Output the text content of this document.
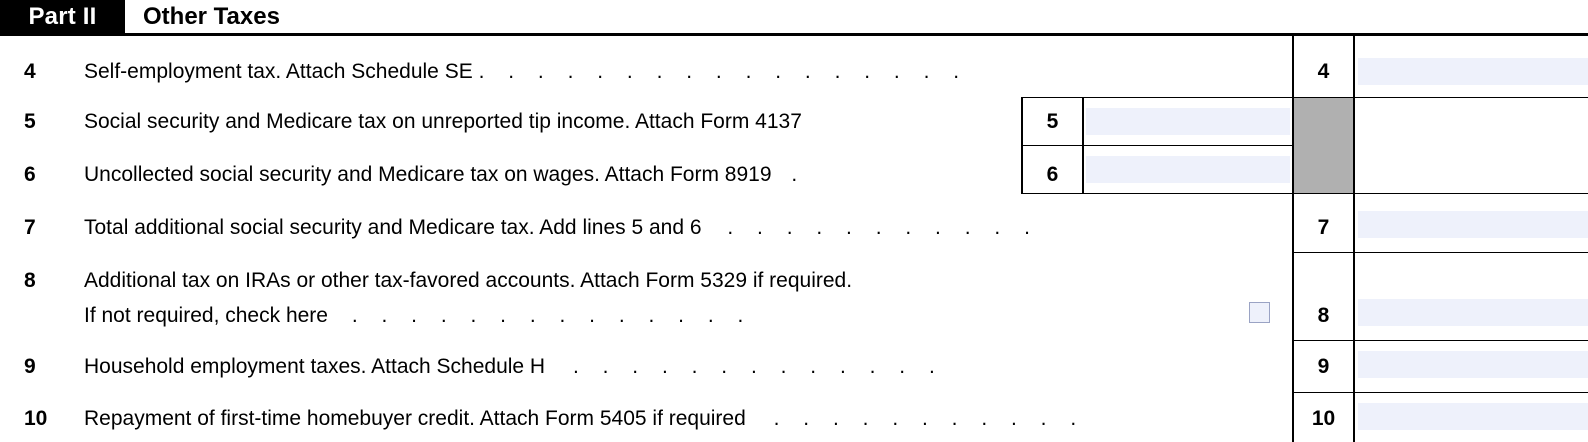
Part II	Other Taxes
4	Self-employment tax. Attach Schedule SE . . . . . . . . . . . . . . . . .	4
5	Social security and Medicare tax on unreported tip income. Attach Form 4137	5
6	Uncollected social security and Medicare tax on wages. Attach Form 8919 .	6
7	Total additional social security and Medicare tax. Add lines 5 and 6 . . . . . . . . . . .	7
8	Additional tax on IRAs or other tax-favored accounts. Attach Form 5329 if required.
If not required, check here . . . . . . . . . . . . . .	8
9	Household employment taxes. Attach Schedule H . . . . . . . . . . . . .	9
10	Repayment of first-time homebuyer credit. Attach Form 5405 if required . . . . . . . . . . .	10
